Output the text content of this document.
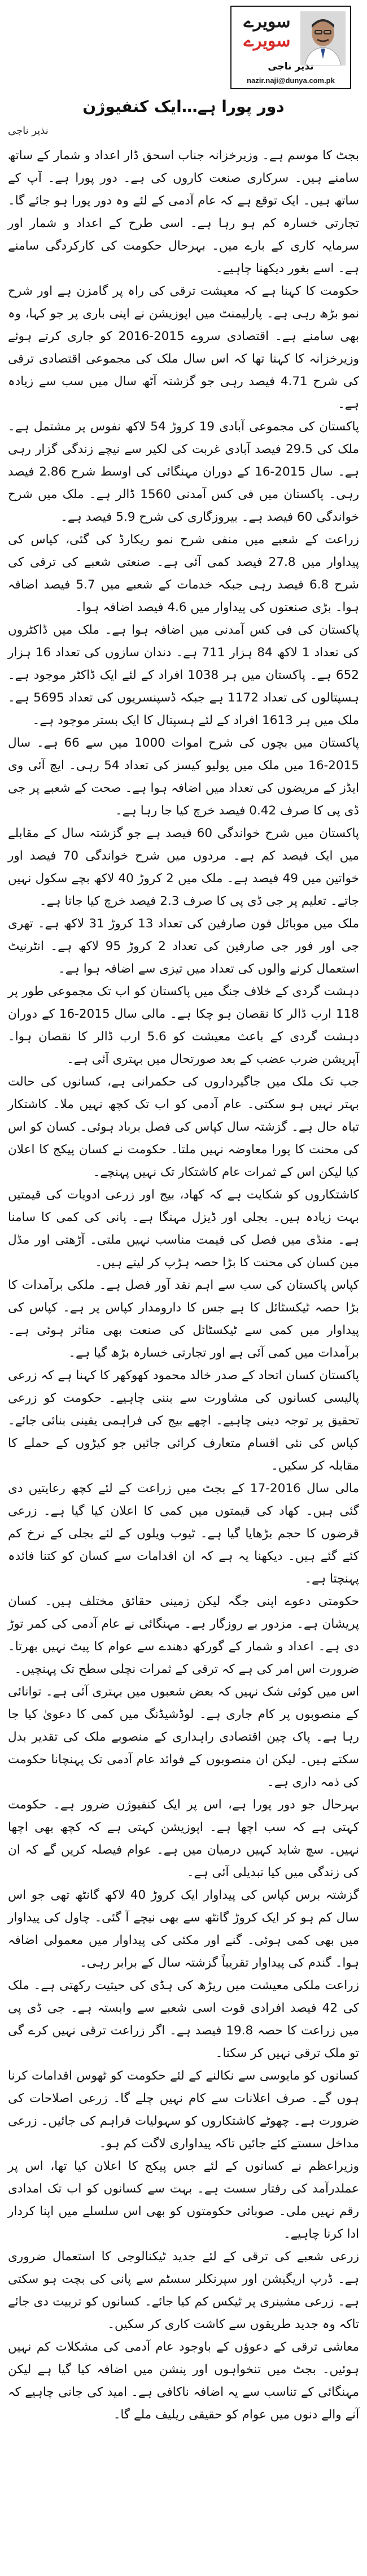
سویرے
سویرے
نذیر ناجی
nazir.naji@dunya.com.pk
دور پورا ہے…ایک کنفیوژن
نذیر ناجی

بجٹ کا موسم ہے۔ وزیرخزانہ جناب اسحق ڈار اعداد و شمار کے ساتھ سامنے ہیں۔ سرکاری صنعت کاروں کی ہے۔ دور پورا ہے۔ آپ کے ساتھ ہیں۔ ایک توقع ہے کہ عام آدمی کے لئے وہ دور پورا ہو جائے گا۔ تجارتی خسارہ کم ہو رہا ہے۔ اسی طرح کے اعداد و شمار اور سرمایہ کاری کے بارے میں۔ بہرحال حکومت کی کارکردگی سامنے ہے۔ اسے بغور دیکھنا چاہیے۔

حکومت کا کہنا ہے کہ معیشت ترقی کی راہ پر گامزن ہے اور شرح نمو بڑھ رہی ہے۔ پارلیمنٹ میں اپوزیشن نے اپنی باری پر جو کہا، وہ بھی سامنے ہے۔ اقتصادی سروے 2015-2016 کو جاری کرتے ہوئے وزیرخزانہ کا کہنا تھا کہ اس سال ملک کی مجموعی اقتصادی ترقی کی شرح 4.71 فیصد رہی جو گزشتہ آٹھ سال میں سب سے زیادہ ہے۔

پاکستان کی مجموعی آبادی 19 کروڑ 54 لاکھ نفوس پر مشتمل ہے۔ ملک کی 29.5 فیصد آبادی غربت کی لکیر سے نیچے زندگی گزار رہی ہے۔ سال 2015-16 کے دوران مہنگائی کی اوسط شرح 2.86 فیصد رہی۔ پاکستان میں فی کس آمدنی 1560 ڈالر ہے۔ ملک میں شرح خواندگی 60 فیصد ہے۔ بیروزگاری کی شرح 5.9 فیصد ہے۔

زراعت کے شعبے میں منفی شرح نمو ریکارڈ کی گئی، کپاس کی پیداوار میں 27.8 فیصد کمی آئی ہے۔ صنعتی شعبے کی ترقی کی شرح 6.8 فیصد رہی جبکہ خدمات کے شعبے میں 5.7 فیصد اضافہ ہوا۔ بڑی صنعتوں کی پیداوار میں 4.6 فیصد اضافہ ہوا۔

پاکستان کی فی کس آمدنی میں اضافہ ہوا ہے۔ ملک میں ڈاکٹروں کی تعداد 1 لاکھ 84 ہزار 711 ہے۔ دندان سازوں کی تعداد 16 ہزار 652 ہے۔ پاکستان میں ہر 1038 افراد کے لئے ایک ڈاکٹر موجود ہے۔ ہسپتالوں کی تعداد 1172 ہے جبکہ ڈسپنسریوں کی تعداد 5695 ہے۔ ملک میں ہر 1613 افراد کے لئے ہسپتال کا ایک بستر موجود ہے۔

پاکستان میں بچوں کی شرح اموات 1000 میں سے 66 ہے۔ سال 2015-16 میں ملک میں پولیو کیسز کی تعداد 54 رہی۔ ایچ آئی وی ایڈز کے مریضوں کی تعداد میں اضافہ ہوا ہے۔ صحت کے شعبے پر جی ڈی پی کا صرف 0.42 فیصد خرچ کیا جا رہا ہے۔

پاکستان میں شرح خواندگی 60 فیصد ہے جو گزشتہ سال کے مقابلے میں ایک فیصد کم ہے۔ مردوں میں شرح خواندگی 70 فیصد اور خواتین میں 49 فیصد ہے۔ ملک میں 2 کروڑ 40 لاکھ بچے سکول نہیں جاتے۔ تعلیم پر جی ڈی پی کا صرف 2.3 فیصد خرچ کیا جاتا ہے۔

ملک میں موبائل فون صارفین کی تعداد 13 کروڑ 31 لاکھ ہے۔ تھری جی اور فور جی صارفین کی تعداد 2 کروڑ 95 لاکھ ہے۔ انٹرنیٹ استعمال کرنے والوں کی تعداد میں تیزی سے اضافہ ہوا ہے۔

دہشت گردی کے خلاف جنگ میں پاکستان کو اب تک مجموعی طور پر 118 ارب ڈالر کا نقصان ہو چکا ہے۔ مالی سال 2015-16 کے دوران دہشت گردی کے باعث معیشت کو 5.6 ارب ڈالر کا نقصان ہوا۔ آپریشن ضرب عضب کے بعد صورتحال میں بہتری آئی ہے۔

جب تک ملک میں جاگیرداروں کی حکمرانی ہے، کسانوں کی حالت بہتر نہیں ہو سکتی۔ عام آدمی کو اب تک کچھ نہیں ملا۔ کاشتکار تباہ حال ہے۔ گزشتہ سال کپاس کی فصل برباد ہوئی۔ کسان کو اس کی محنت کا پورا معاوضہ نہیں ملتا۔ حکومت نے کسان پیکج کا اعلان کیا لیکن اس کے ثمرات عام کاشتکار تک نہیں پہنچے۔

کاشتکاروں کو شکایت ہے کہ کھاد، بیج اور زرعی ادویات کی قیمتیں بہت زیادہ ہیں۔ بجلی اور ڈیزل مہنگا ہے۔ پانی کی کمی کا سامنا ہے۔ منڈی میں فصل کی قیمت مناسب نہیں ملتی۔ آڑھتی اور مڈل مین کسان کی محنت کا بڑا حصہ ہڑپ کر لیتے ہیں۔

کپاس پاکستان کی سب سے اہم نقد آور فصل ہے۔ ملکی برآمدات کا بڑا حصہ ٹیکسٹائل کا ہے جس کا دارومدار کپاس پر ہے۔ کپاس کی پیداوار میں کمی سے ٹیکسٹائل کی صنعت بھی متاثر ہوئی ہے۔ برآمدات میں کمی آئی ہے اور تجارتی خسارہ بڑھ گیا ہے۔

پاکستان کسان اتحاد کے صدر خالد محمود کھوکھر کا کہنا ہے کہ زرعی پالیسی کسانوں کی مشاورت سے بننی چاہیے۔ حکومت کو زرعی تحقیق پر توجہ دینی چاہیے۔ اچھے بیج کی فراہمی یقینی بنائی جائے۔ کپاس کی نئی اقسام متعارف کرائی جائیں جو کیڑوں کے حملے کا مقابلہ کر سکیں۔

مالی سال 2016-17 کے بجٹ میں زراعت کے لئے کچھ رعایتیں دی گئی ہیں۔ کھاد کی قیمتوں میں کمی کا اعلان کیا گیا ہے۔ زرعی قرضوں کا حجم بڑھایا گیا ہے۔ ٹیوب ویلوں کے لئے بجلی کے نرخ کم کئے گئے ہیں۔ دیکھنا یہ ہے کہ ان اقدامات سے کسان کو کتنا فائدہ پہنچتا ہے۔

حکومتی دعوے اپنی جگہ لیکن زمینی حقائق مختلف ہیں۔ کسان پریشان ہے۔ مزدور بے روزگار ہے۔ مہنگائی نے عام آدمی کی کمر توڑ دی ہے۔ اعداد و شمار کے گورکھ دھندے سے عوام کا پیٹ نہیں بھرتا۔ ضرورت اس امر کی ہے کہ ترقی کے ثمرات نچلی سطح تک پہنچیں۔

اس میں کوئی شک نہیں کہ بعض شعبوں میں بہتری آئی ہے۔ توانائی کے منصوبوں پر کام جاری ہے۔ لوڈشیڈنگ میں کمی کا دعویٰ کیا جا رہا ہے۔ پاک چین اقتصادی راہداری کے منصوبے ملک کی تقدیر بدل سکتے ہیں۔ لیکن ان منصوبوں کے فوائد عام آدمی تک پہنچانا حکومت کی ذمہ داری ہے۔

بہرحال جو دور پورا ہے، اس پر ایک کنفیوژن ضرور ہے۔ حکومت کہتی ہے کہ سب اچھا ہے۔ اپوزیشن کہتی ہے کہ کچھ بھی اچھا نہیں۔ سچ شاید کہیں درمیان میں ہے۔ عوام فیصلہ کریں گے کہ ان کی زندگی میں کیا تبدیلی آئی ہے۔

گزشتہ برس کپاس کی پیداوار ایک کروڑ 40 لاکھ گانٹھ تھی جو اس سال کم ہو کر ایک کروڑ گانٹھ سے بھی نیچے آ گئی۔ چاول کی پیداوار میں بھی کمی ہوئی۔ گنے اور مکئی کی پیداوار میں معمولی اضافہ ہوا۔ گندم کی پیداوار تقریباً گزشتہ سال کے برابر رہی۔

زراعت ملکی معیشت میں ریڑھ کی ہڈی کی حیثیت رکھتی ہے۔ ملک کی 42 فیصد افرادی قوت اسی شعبے سے وابستہ ہے۔ جی ڈی پی میں زراعت کا حصہ 19.8 فیصد ہے۔ اگر زراعت ترقی نہیں کرے گی تو ملک ترقی نہیں کر سکتا۔

کسانوں کو مایوسی سے نکالنے کے لئے حکومت کو ٹھوس اقدامات کرنا ہوں گے۔ صرف اعلانات سے کام نہیں چلے گا۔ زرعی اصلاحات کی ضرورت ہے۔ چھوٹے کاشتکاروں کو سہولیات فراہم کی جائیں۔ زرعی مداخل سستے کئے جائیں تاکہ پیداواری لاگت کم ہو۔

وزیراعظم نے کسانوں کے لئے جس پیکج کا اعلان کیا تھا، اس پر عملدرآمد کی رفتار سست ہے۔ بہت سے کسانوں کو اب تک امدادی رقم نہیں ملی۔ صوبائی حکومتوں کو بھی اس سلسلے میں اپنا کردار ادا کرنا چاہیے۔

زرعی شعبے کی ترقی کے لئے جدید ٹیکنالوجی کا استعمال ضروری ہے۔ ڈرپ اریگیشن اور سپرنکلر سسٹم سے پانی کی بچت ہو سکتی ہے۔ زرعی مشینری پر ٹیکس کم کیا جائے۔ کسانوں کو تربیت دی جائے تاکہ وہ جدید طریقوں سے کاشت کاری کر سکیں۔

معاشی ترقی کے دعوؤں کے باوجود عام آدمی کی مشکلات کم نہیں ہوئیں۔ بجٹ میں تنخواہوں اور پنشن میں اضافہ کیا گیا ہے لیکن مہنگائی کے تناسب سے یہ اضافہ ناکافی ہے۔ امید کی جانی چاہیے کہ آنے والے دنوں میں عوام کو حقیقی ریلیف ملے گا۔
